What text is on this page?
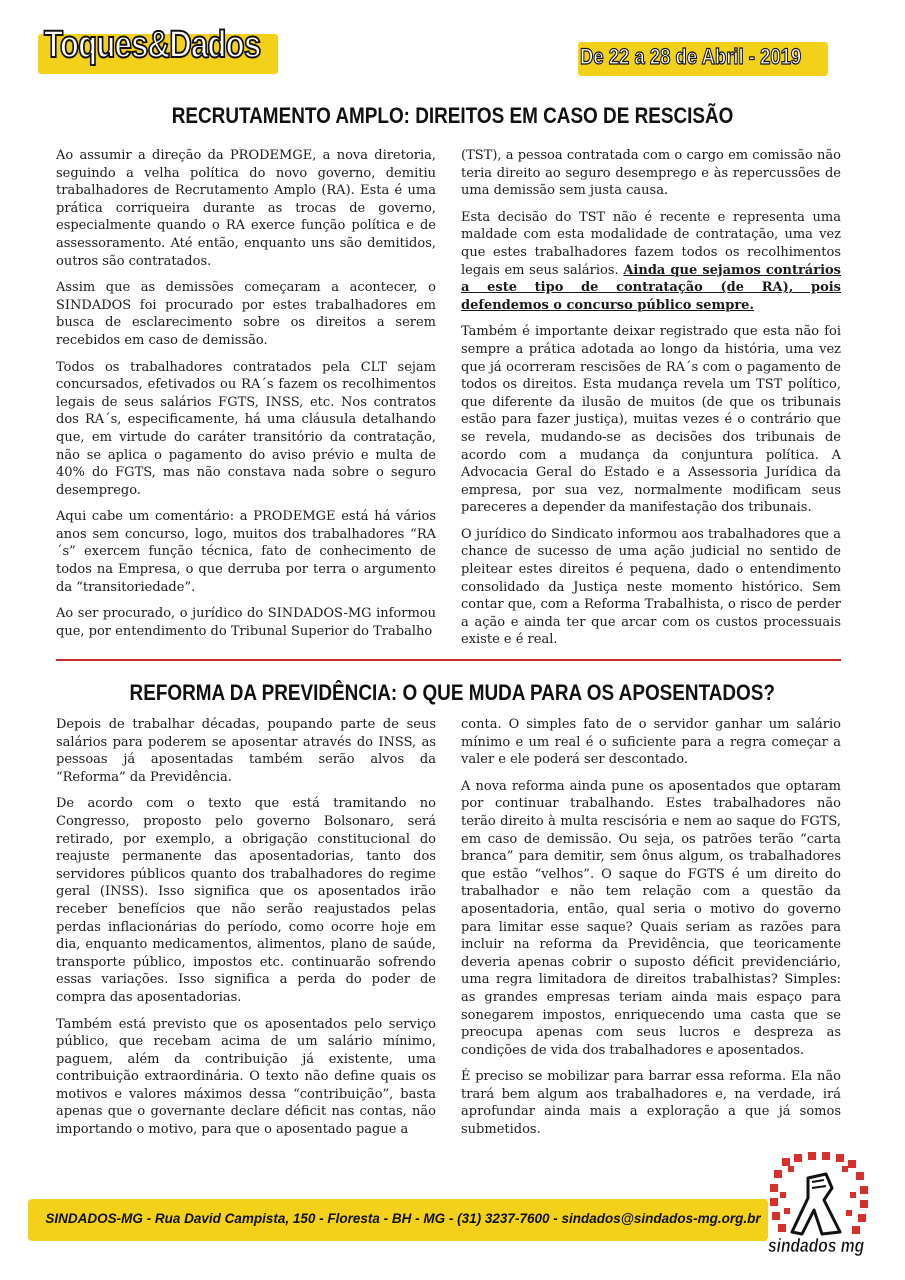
Toques&Dados	De 22 a 28 de Abril - 2019
RECRUTAMENTO AMPLO: DIREITOS EM CASO DE RESCISÃO

Ao assumir a direção da PRODEMGE, a nova diretoria, seguindo a velha política do novo governo, demitiu trabalhadores de Recrutamento Amplo (RA). Esta é uma prática corriqueira durante as trocas de governo, especialmente quando o RA exerce função política e de assessoramento. Até então, enquanto uns são demitidos, outros são contratados.

Assim que as demissões começaram a acontecer, o SINDADOS foi procurado por estes trabalhadores em busca de esclarecimento sobre os direitos a serem recebidos em caso de demissão.

Todos os trabalhadores contratados pela CLT sejam concursados, efetivados ou RA´s fazem os recolhimentos legais de seus salários FGTS, INSS, etc. Nos contratos dos RA´s, especificamente, há uma cláusula detalhando que, em virtude do caráter transitório da contratação, não se aplica o pagamento do aviso prévio e multa de 40% do FGTS, mas não constava nada sobre o seguro desemprego.

Aqui cabe um comentário: a PRODEMGE está há vários anos sem concurso, logo, muitos dos trabalhadores “RA´s” exercem função técnica, fato de conhecimento de todos na Empresa, o que derruba por terra o argumento da “transitoriedade”.

Ao ser procurado, o jurídico do SINDADOS-MG informou que, por entendimento do Tribunal Superior do Trabalho

(TST), a pessoa contratada com o cargo em comissão não teria direito ao seguro desemprego e às repercussões de uma demissão sem justa causa.

Esta decisão do TST não é recente e representa uma maldade com esta modalidade de contratação, uma vez que estes trabalhadores fazem todos os recolhimentos legais em seus salários. Ainda que sejamos contrários a este tipo de contratação (de RA), pois defendemos o concurso público sempre.

Também é importante deixar registrado que esta não foi sempre a prática adotada ao longo da história, uma vez que já ocorreram rescisões de RA´s com o pagamento de todos os direitos. Esta mudança revela um TST político, que diferente da ilusão de muitos (de que os tribunais estão para fazer justiça), muitas vezes é o contrário que se revela, mudando-se as decisões dos tribunais de acordo com a mudança da conjuntura política. A Advocacia Geral do Estado e a Assessoria Jurídica da empresa, por sua vez, normalmente modificam seus pareceres a depender da manifestação dos tribunais.

O jurídico do Sindicato informou aos trabalhadores que a chance de sucesso de uma ação judicial no sentido de pleitear estes direitos é pequena, dado o entendimento consolidado da Justiça neste momento histórico. Sem contar que, com a Reforma Trabalhista, o risco de perder a ação e ainda ter que arcar com os custos processuais existe e é real.

REFORMA DA PREVIDÊNCIA: O QUE MUDA PARA OS APOSENTADOS?

Depois de trabalhar décadas, poupando parte de seus salários para poderem se aposentar através do INSS, as pessoas já aposentadas também serão alvos da “Reforma” da Previdência.

De acordo com o texto que está tramitando no Congresso, proposto pelo governo Bolsonaro, será retirado, por exemplo, a obrigação constitucional do reajuste permanente das aposentadorias, tanto dos servidores públicos quanto dos trabalhadores do regime geral (INSS). Isso significa que os aposentados irão receber benefícios que não serão reajustados pelas perdas inflacionárias do período, como ocorre hoje em dia, enquanto medicamentos, alimentos, plano de saúde, transporte público, impostos etc. continuarão sofrendo essas variações. Isso significa a perda do poder de compra das aposentadorias.

Também está previsto que os aposentados pelo serviço público, que recebam acima de um salário mínimo, paguem, além da contribuição já existente, uma contribuição extraordinária. O texto não define quais os motivos e valores máximos dessa “contribuição”, basta apenas que o governante declare déficit nas contas, não importando o motivo, para que o aposentado pague a

conta. O simples fato de o servidor ganhar um salário mínimo e um real é o suficiente para a regra começar a valer e ele poderá ser descontado.

A nova reforma ainda pune os aposentados que optaram por continuar trabalhando. Estes trabalhadores não terão direito à multa rescisória e nem ao saque do FGTS, em caso de demissão. Ou seja, os patrões terão “carta branca” para demitir, sem ônus algum, os trabalhadores que estão “velhos”. O saque do FGTS é um direito do trabalhador e não tem relação com a questão da aposentadoria, então, qual seria o motivo do governo para limitar esse saque? Quais seriam as razões para incluir na reforma da Previdência, que teoricamente deveria apenas cobrir o suposto déficit previdenciário, uma regra limitadora de direitos trabalhistas? Simples: as grandes empresas teriam ainda mais espaço para sonegarem impostos, enriquecendo uma casta que se preocupa apenas com seus lucros e despreza as condições de vida dos trabalhadores e aposentados.

É preciso se mobilizar para barrar essa reforma. Ela não trará bem algum aos trabalhadores e, na verdade, irá aprofundar ainda mais a exploração a que já somos submetidos.

SINDADOS-MG - Rua David Campista, 150 - Floresta - BH - MG - (31) 3237-7600 - sindados@sindados-mg.org.br
sindados mg
